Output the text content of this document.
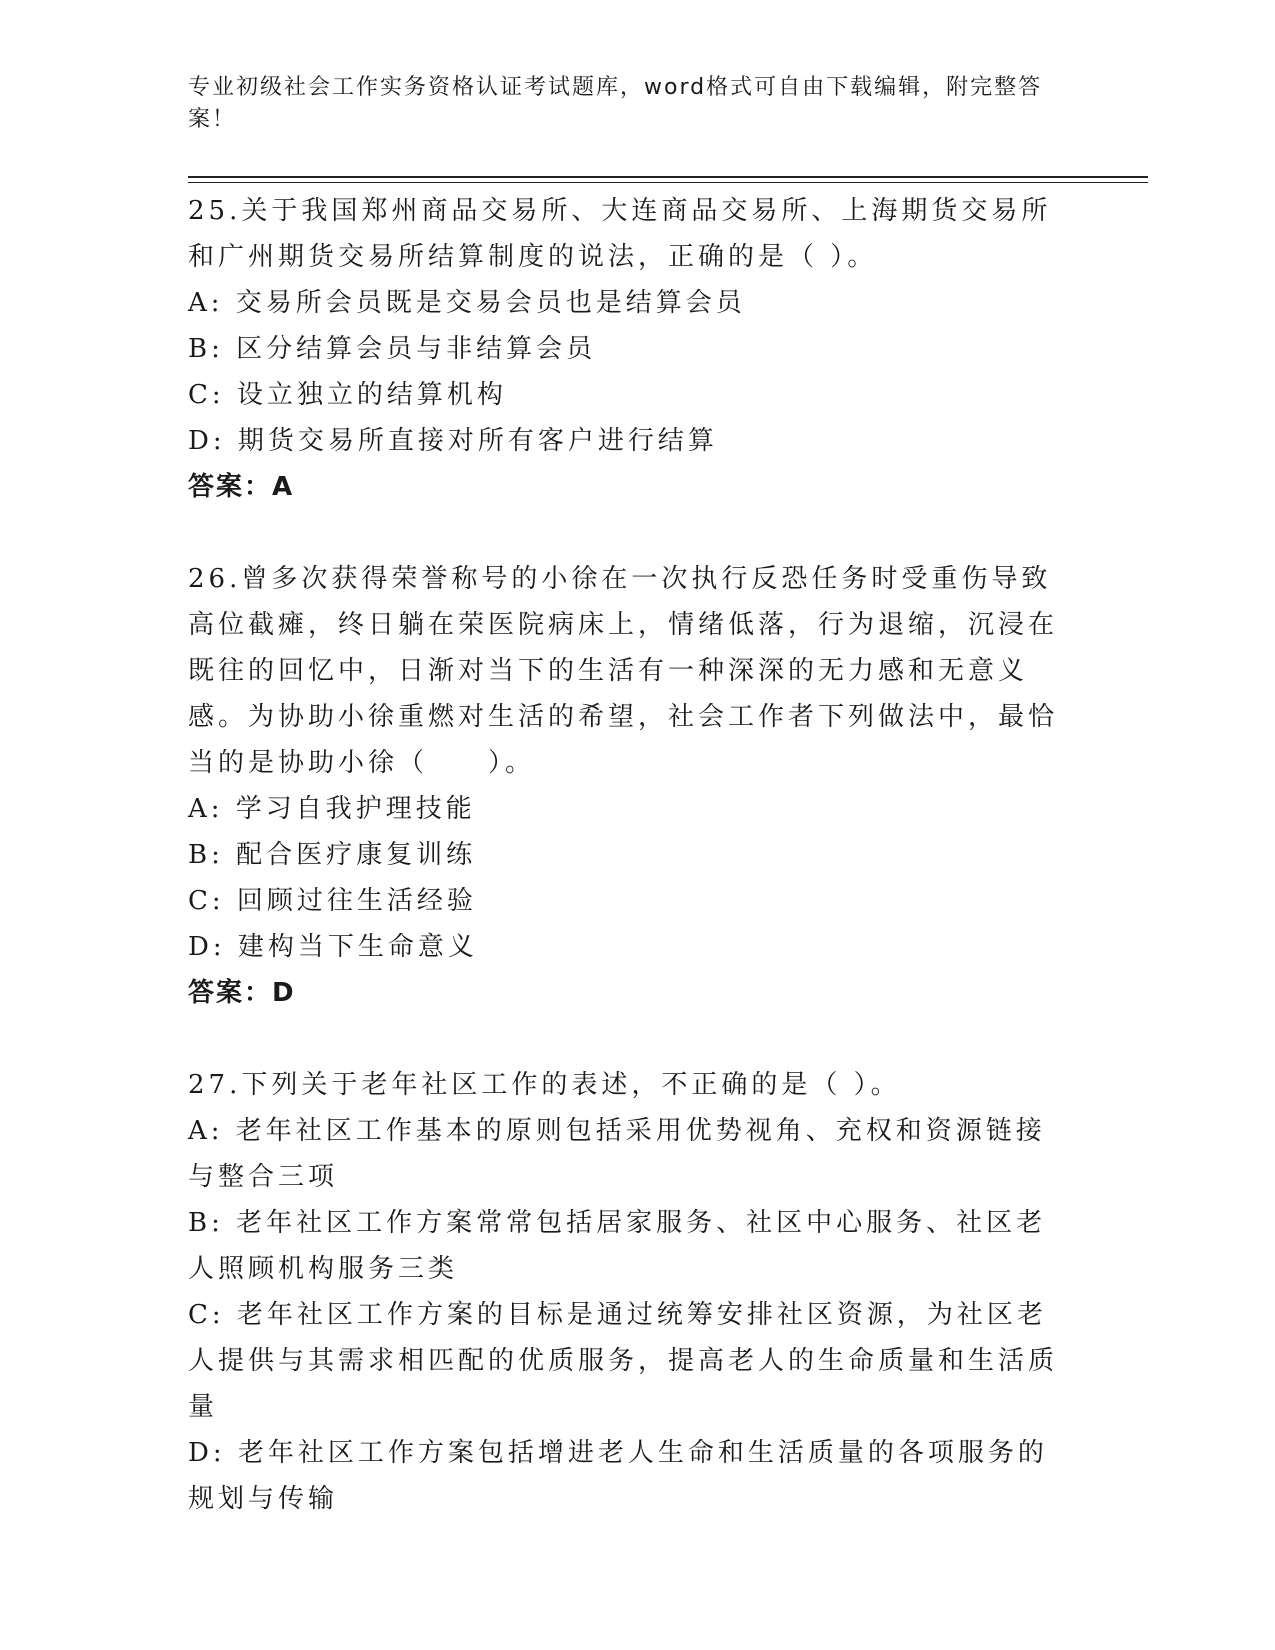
专业初级社会工作实务资格认证考试题库，word格式可自由下载编辑，附完整答案！

25.关于我国郑州商品交易所、大连商品交易所、上海期货交易所和广州期货交易所结算制度的说法，正确的是（ ）。

A: 交易所会员既是交易会员也是结算会员

B: 区分结算会员与非结算会员

C: 设立独立的结算机构

D: 期货交易所直接对所有客户进行结算

答案：A

26.曾多次获得荣誉称号的小徐在一次执行反恐任务时受重伤导致高位截瘫，终日躺在荣医院病床上，情绪低落，行为退缩，沉浸在既往的回忆中，日渐对当下的生活有一种深深的无力感和无意义感。为协助小徐重燃对生活的希望，社会工作者下列做法中，最恰当的是协助小徐（　　）。

A: 学习自我护理技能

B: 配合医疗康复训练

C: 回顾过往生活经验

D: 建构当下生命意义

答案：D

27.下列关于老年社区工作的表述，不正确的是（ ）。

A: 老年社区工作基本的原则包括采用优势视角、充权和资源链接与整合三项

B: 老年社区工作方案常常包括居家服务、社区中心服务、社区老人照顾机构服务三类

C: 老年社区工作方案的目标是通过统筹安排社区资源，为社区老人提供与其需求相匹配的优质服务，提高老人的生命质量和生活质量

D: 老年社区工作方案包括增进老人生命和生活质量的各项服务的规划与传输
